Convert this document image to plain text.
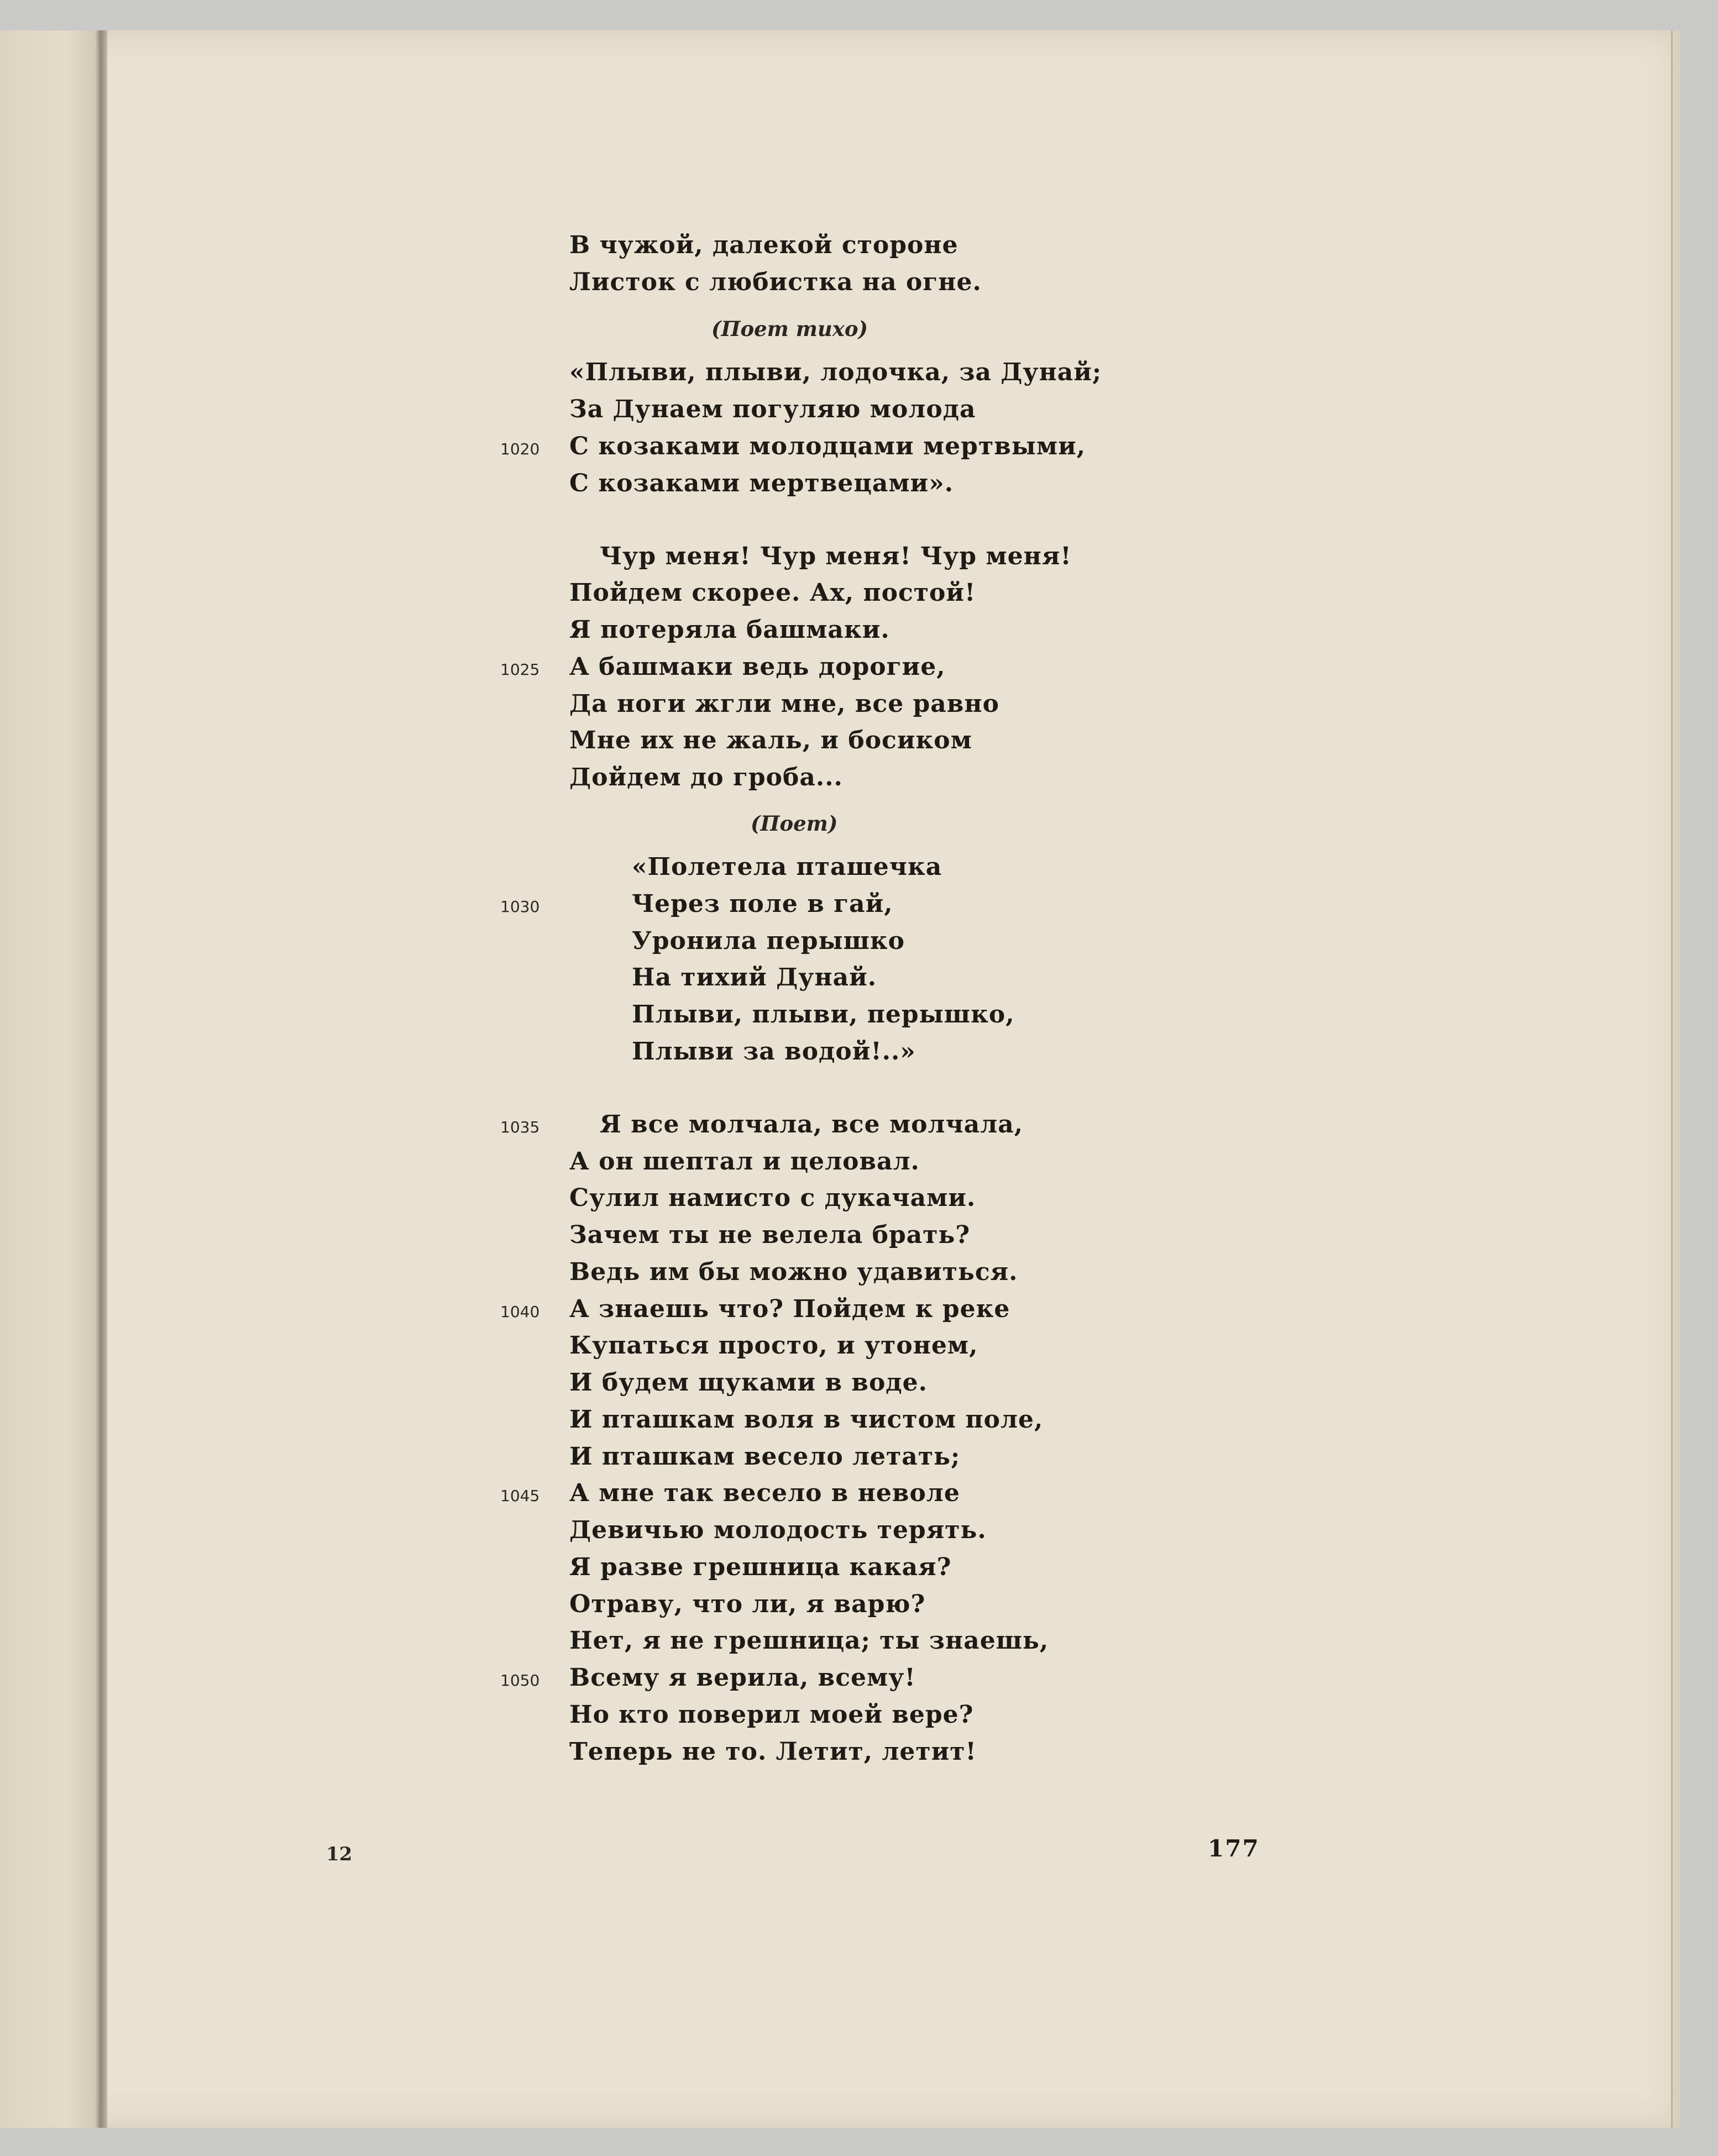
В чужой, далекой стороне
Листок с любистка на огне.
(Поет тихо)
«Плыви, плыви, лодочка, за Дунай;
За Дунаем погуляю молода
С козаками молодцами мертвыми,
С козаками мертвецами».
Чур меня! Чур меня! Чур меня!
Пойдем скорее. Ах, постой!
Я потеряла башмаки.
А башмаки ведь дорогие,
Да ноги жгли мне, все равно
Мне их не жаль, и босиком
Дойдем до гроба...
(Поет)
«Полетела пташечка
Через поле в гай,
Уронила перышко
На тихий Дунай.
Плыви, плыви, перышко,
Плыви за водой!..»
Я все молчала, все молчала,
А он шептал и целовал.
Сулил намисто с дукачами.
Зачем ты не велела брать?
Ведь им бы можно удавиться.
А знаешь что? Пойдем к реке
Купаться просто, и утонем,
И будем щуками в воде.
И пташкам воля в чистом поле,
И пташкам весело летать;
А мне так весело в неволе
Девичью молодость терять.
Я разве грешница какая?
Отраву, что ли, я варю?
Нет, я не грешница; ты знаешь,
Всему я верила, всему!
Но кто поверил моей вере?
Теперь не то. Летит, летит!
1020
1025
1030
1035
1040
1045
1050
12	177
